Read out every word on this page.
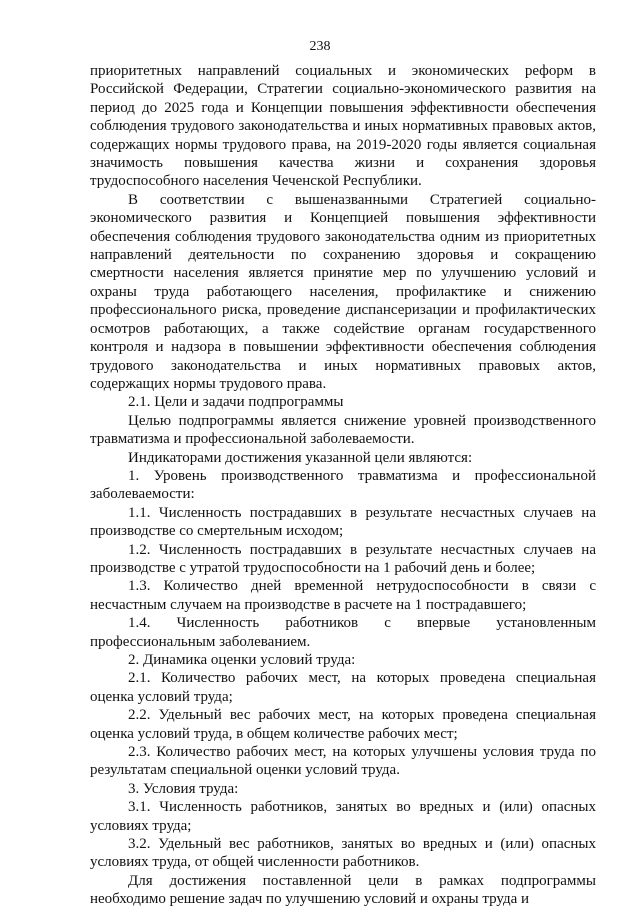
238

приоритетных направлений социальных и экономических реформ в Российской Федерации, Стратегии социально-экономического развития на период до 2025 года и Концепции повышения эффективности обеспечения соблюдения трудового законодательства и иных нормативных правовых актов, содержащих нормы трудового права, на 2019-2020 годы является социальная значимость повышения качества жизни и сохранения здоровья трудоспособного населения Чеченской Республики.

В соответствии с вышеназванными Стратегией социально-экономического развития и Концепцией повышения эффективности обеспечения соблюдения трудового законодательства одним из приоритетных направлений деятельности по сохранению здоровья и сокращению смертности населения является принятие мер по улучшению условий и охраны труда работающего населения, профилактике и снижению профессионального риска, проведение диспансеризации и профилактических осмотров работающих, а также содействие органам государственного контроля и надзора в повышении эффективности обеспечения соблюдения трудового законодательства и иных нормативных правовых актов, содержащих нормы трудового права.

2.1. Цели и задачи подпрограммы

Целью подпрограммы является снижение уровней производственного травматизма и профессиональной заболеваемости.

Индикаторами достижения указанной цели являются:

1. Уровень производственного травматизма и профессиональной заболеваемости:

1.1. Численность пострадавших в результате несчастных случаев на производстве со смертельным исходом;

1.2. Численность пострадавших в результате несчастных случаев на производстве с утратой трудоспособности на 1 рабочий день и более;

1.3. Количество дней временной нетрудоспособности в связи с несчастным случаем на производстве в расчете на 1 пострадавшего;

1.4. Численность работников с впервые установленным профессиональным заболеванием.

2. Динамика оценки условий труда:

2.1. Количество рабочих мест, на которых проведена специальная оценка условий труда;

2.2. Удельный вес рабочих мест, на которых проведена специальная оценка условий труда, в общем количестве рабочих мест;

2.3. Количество рабочих мест, на которых улучшены условия труда по результатам специальной оценки условий труда.

3. Условия труда:

3.1. Численность работников, занятых во вредных и (или) опасных условиях труда;

3.2. Удельный вес работников, занятых во вредных и (или) опасных условиях труда, от общей численности работников.

Для достижения поставленной цели в рамках подпрограммы необходимо решение задач по улучшению условий и охраны труда и
